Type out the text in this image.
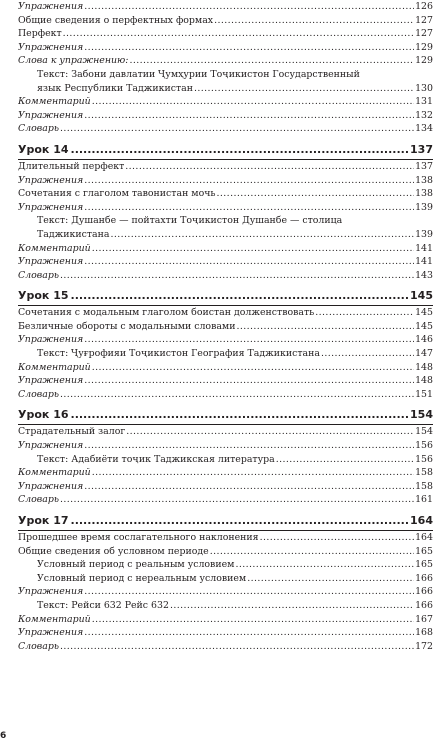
Упражнения .....	126
Общие сведения о перфектных формах .....	127
Перфект .....	127
Упражнения .....	129
Слова к упражнению: .....	129
Текст: Забони давлатии Ҷумҳурии Тоҷикистон Государственный
язык Республики Таджикистан .....	130
Комментарий .....	131
Упражнения .....	132
Словарь .....	134
Урок 14 .....	137
Длительный перфект .....	137
Упражнения .....	138
Сочетания с глаголом тавонистан мочь .....	138
Упражнения .....	139
Текст: Душанбе — пойтахти Тоҷикистон Душанбе — столица
Таджикистана .....	139
Комментарий .....	141
Упражнения .....	141
Словарь .....	143
Урок 15 .....	145
Сочетания с модальным глаголом боистан долженствовать .....	145
Безличные обороты с модальными словами .....	145
Упражнения .....	146
Текст: Ҷуғрофияи Тоҷикистон География Таджикистана .....	147
Комментарий .....	148
Упражнения .....	148
Словарь .....	151
Урок 16 .....	154
Страдательный залог .....	154
Упражнения .....	156
Текст: Адабиёти тоҷик Таджикская литература .....	156
Комментарий .....	158
Упражнения .....	158
Словарь .....	161
Урок 17 .....	164
Прошедшее время сослагательного наклонения .....	164
Общие сведения об условном периоде .....	165
Условный период с реальным условием .....	165
Условный период с нереальным условием .....	166
Упражнения .....	166
Текст: Рейси 632 Рейс 632 .....	166
Комментарий .....	167
Упражнения .....	168
Словарь .....	172
6
